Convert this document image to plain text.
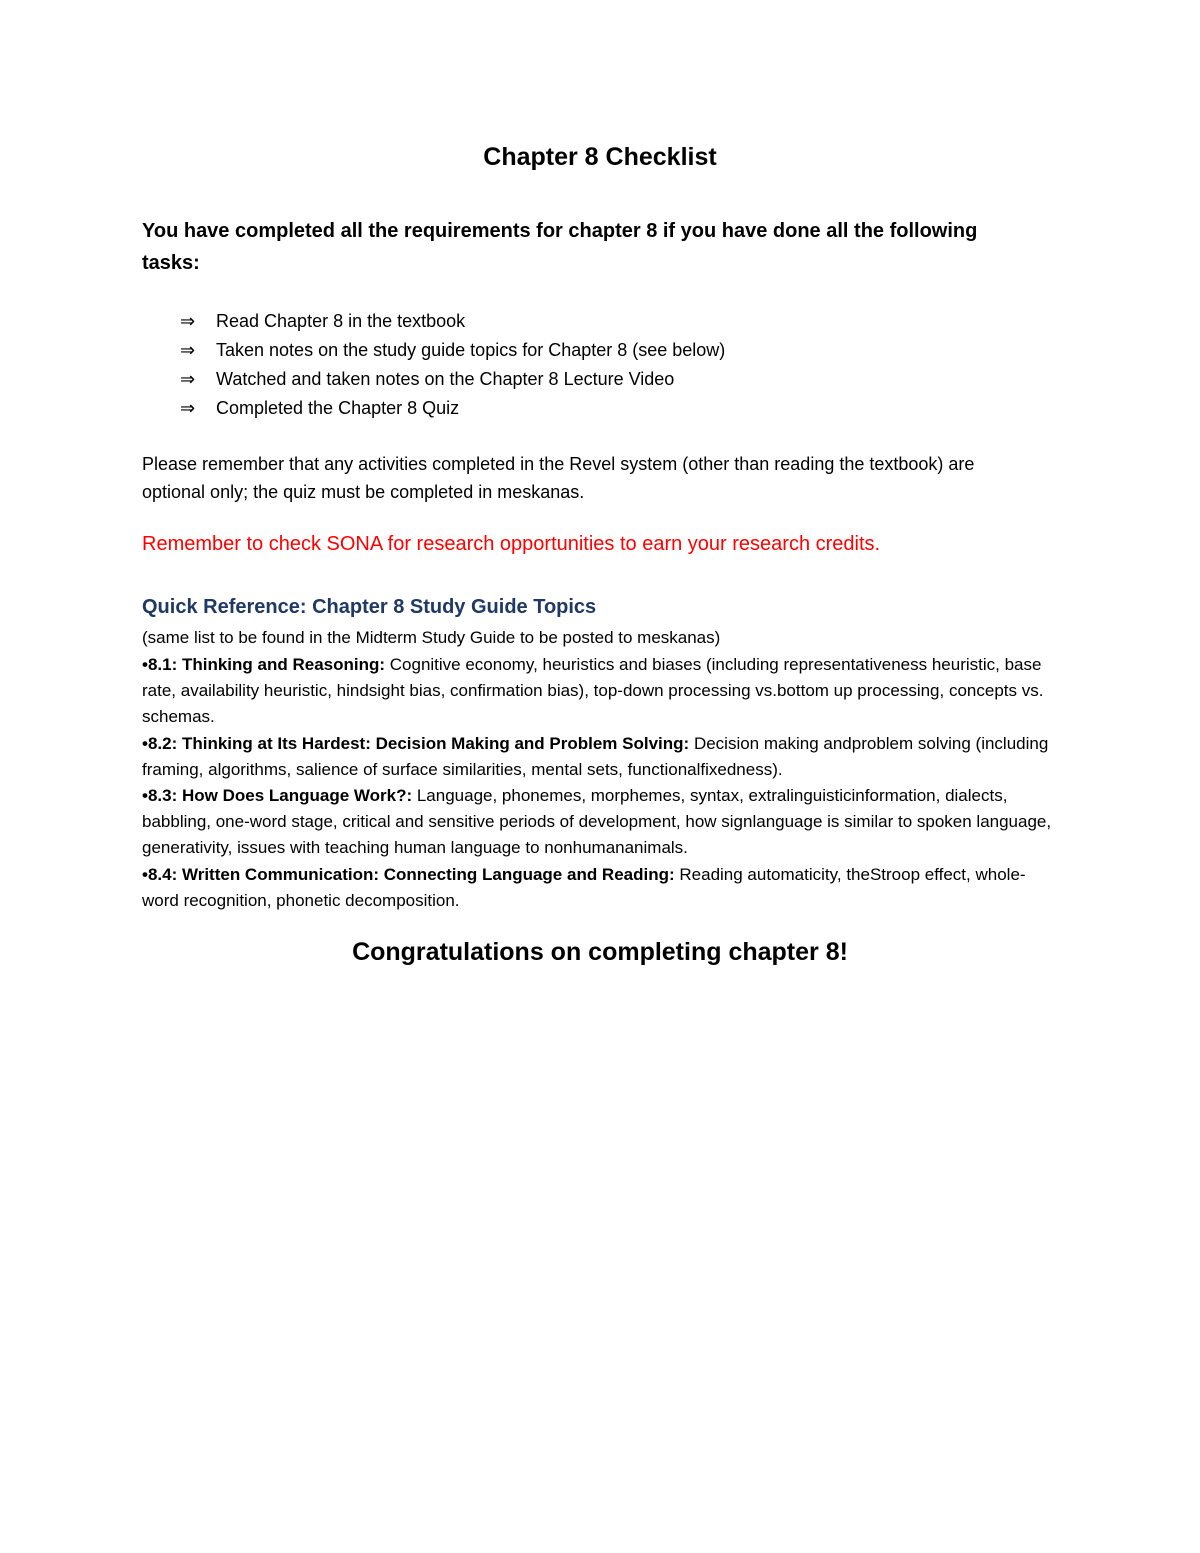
Chapter 8 Checklist
You have completed all the requirements for chapter 8 if you have done all the following tasks:
⇒	Read Chapter 8 in the textbook
⇒	Taken notes on the study guide topics for Chapter 8 (see below)
⇒	Watched and taken notes on the Chapter 8 Lecture Video
⇒	Completed the Chapter 8 Quiz
Please remember that any activities completed in the Revel system (other than reading the textbook) are optional only; the quiz must be completed in meskanas.
Remember to check SONA for research opportunities to earn your research credits.
Quick Reference: Chapter 8 Study Guide Topics
(same list to be found in the Midterm Study Guide to be posted to meskanas)

•8.1: Thinking and Reasoning: Cognitive economy, heuristics and biases (including representativeness heuristic, base rate, availability heuristic, hindsight bias, confirmation bias), top-down processing vs.bottom up processing, concepts vs. schemas.

•8.2: Thinking at Its Hardest: Decision Making and Problem Solving: Decision making andproblem solving (including framing, algorithms, salience of surface similarities, mental sets, functionalfixedness).

•8.3: How Does Language Work?: Language, phonemes, morphemes, syntax, extralinguisticinformation, dialects, babbling, one-word stage, critical and sensitive periods of development, how signlanguage is similar to spoken language, generativity, issues with teaching human language to nonhumananimals.

•8.4: Written Communication: Connecting Language and Reading: Reading automaticity, theStroop effect, whole-word recognition, phonetic decomposition.

Congratulations on completing chapter 8!
